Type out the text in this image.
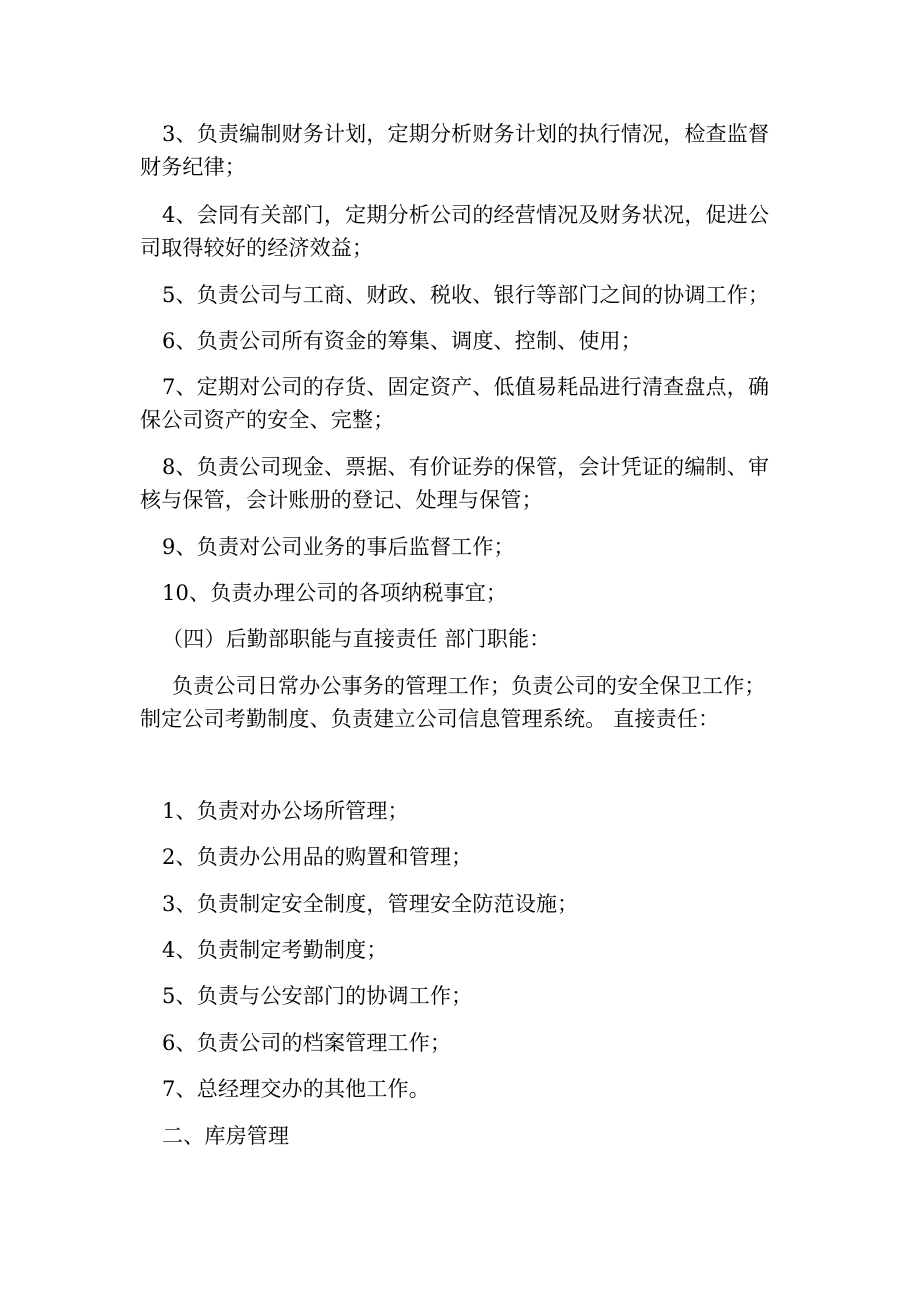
3、负责编制财务计划，定期分析财务计划的执行情况，检查监督
财务纪律；
4、会同有关部门，定期分析公司的经营情况及财务状况，促进公
司取得较好的经济效益；
5、负责公司与工商、财政、税收、银行等部门之间的协调工作；
6、负责公司所有资金的筹集、调度、控制、使用；
7、定期对公司的存货、固定资产、低值易耗品进行清查盘点，确
保公司资产的安全、完整；
8、负责公司现金、票据、有价证券的保管，会计凭证的编制、审
核与保管，会计账册的登记、处理与保管；
9、负责对公司业务的事后监督工作；
10、负责办理公司的各项纳税事宜；
（四）后勤部职能与直接责任 部门职能：
负责公司日常办公事务的管理工作；负责公司的安全保卫工作；
制定公司考勤制度、负责建立公司信息管理系统。 直接责任：
1、负责对办公场所管理；
2、负责办公用品的购置和管理；
3、负责制定安全制度，管理安全防范设施；
4、负责制定考勤制度；
5、负责与公安部门的协调工作；
6、负责公司的档案管理工作；
7、总经理交办的其他工作。
二、库房管理
